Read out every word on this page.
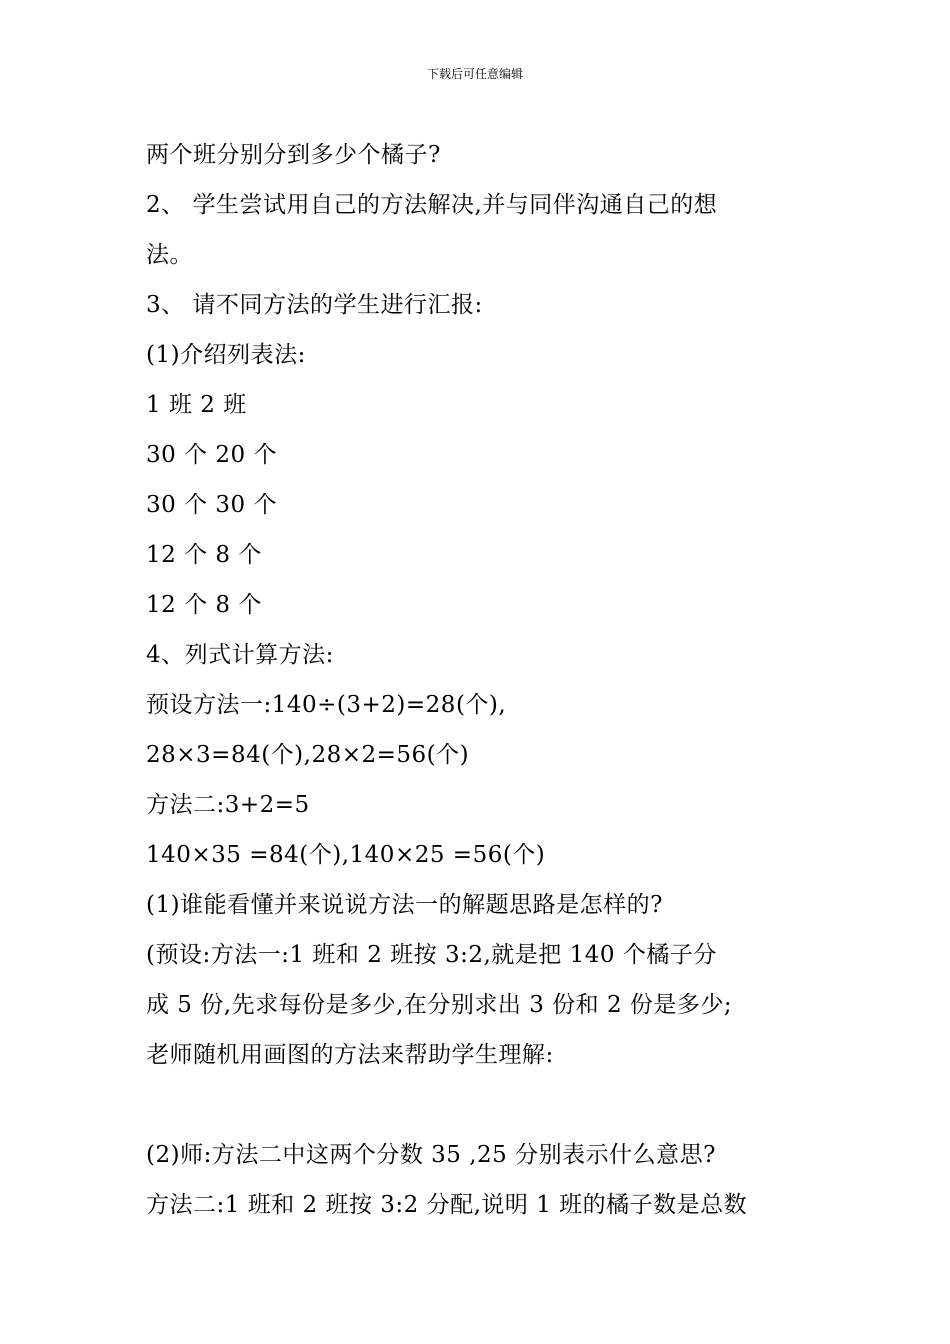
下载后可任意编辑
两个班分别分到多少个橘子?
2、 学生尝试用自己的方法解决,并与同伴沟通自己的想
法。
3、 请不同方法的学生进行汇报:
(1)介绍列表法:
1 班 2 班
30 个 20 个
30 个 30 个
12 个 8 个
12 个 8 个
4、列式计算方法:
预设方法一:140÷(3+2)=28(个),
28×3=84(个),28×2=56(个)
方法二:3+2=5
140×35 =84(个),140×25 =56(个)
(1)谁能看懂并来说说方法一的解题思路是怎样的?
(预设:方法一:1 班和 2 班按 3:2,就是把 140 个橘子分
成 5 份,先求每份是多少,在分别求出 3 份和 2 份是多少;
老师随机用画图的方法来帮助学生理解:
(2)师:方法二中这两个分数 35 ,25 分别表示什么意思?
方法二:1 班和 2 班按 3:2 分配,说明 1 班的橘子数是总数
